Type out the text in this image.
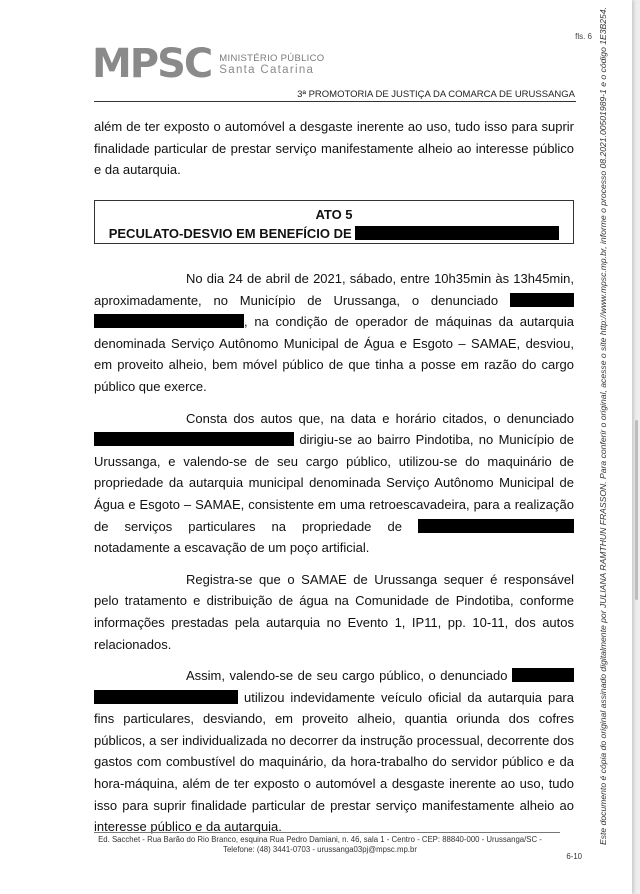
fls. 6
MPSC MINISTÉRIO PÚBLICO
Santa Catarina
3ª PROMOTORIA DE JUSTIÇA DA COMARCA DE URUSSANGA

além de ter exposto o automóvel a desgaste inerente ao uso, tudo isso para suprir finalidade particular de prestar serviço manifestamente alheio ao interesse público e da autarquia.

ATO 5
PECULATO-DESVIO EM BENEFÍCIO DE

No dia 24 de abril de 2021, sábado, entre 10h35min às 13h45min, aproximadamente, no Município de Urussanga, o denunciado  , na condição de operador de máquinas da autarquia denominada Serviço Autônomo Municipal de Água e Esgoto – SAMAE, desviou, em proveito alheio, bem móvel público de que tinha a posse em razão do cargo público que exerce.

Consta dos autos que, na data e horário citados, o denunciado  dirigiu-se ao bairro Pindotiba, no Município de Urussanga, e valendo-se de seu cargo público, utilizou-se do maquinário de propriedade da autarquia municipal denominada Serviço Autônomo Municipal de Água e Esgoto – SAMAE, consistente em uma retroescavadeira, para a realização de serviços particulares na propriedade de  notadamente a escavação de um poço artificial.

Registra-se que o SAMAE de Urussanga sequer é responsável pelo tratamento e distribuição de água na Comunidade de Pindotiba, conforme informações prestadas pela autarquia no Evento 1, IP11, pp. 10-11, dos autos relacionados.

Assim, valendo-se de seu cargo público, o denunciado   utilizou indevidamente veículo oficial da autarquia para fins particulares, desviando, em proveito alheio, quantia oriunda dos cofres públicos, a ser individualizada no decorrer da instrução processual, decorrente dos gastos com combustível do maquinário, da hora-trabalho do servidor público e da hora-máquina, além de ter exposto o automóvel a desgaste inerente ao uso, tudo isso para suprir finalidade particular de prestar serviço manifestamente alheio ao interesse público e da autarquia.	Este documento é cópia do original assinado digitalmente por JULIANA RAMTHUN FRASSON. Para conferir o original, acesse o site http://www.mpsc.mp.br, informe o processo 08.2021.00501989-1 e o código 1E3B254.
Ed. Sacchet - Rua Barão do Rio Branco, esquina Rua Pedro Damiani, n. 46, sala 1 - Centro - CEP: 88840-000 - Urussanga/SC -
Telefone: (48) 3441-0703 - urussanga03pj@mpsc.mp.br
6-10
